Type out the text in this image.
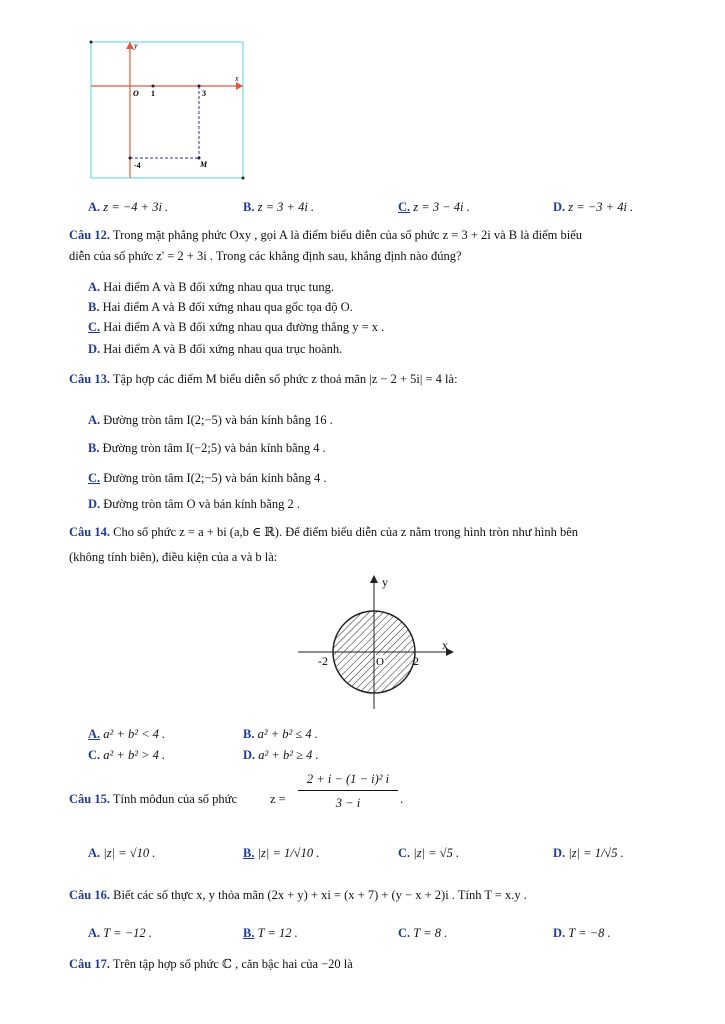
y
x
O 1	3
-4	M
A. z = −4 + 3i .	B. z = 3 + 4i .	C. z = 3 − 4i .	D. z = −3 + 4i .
Câu 12. Trong mặt phẳng phức Oxy , gọi A là điểm biểu diễn của số phức z = 3 + 2i và B là điểm biểu
diễn của số phức z' = 2 + 3i . Trong các khẳng định sau, khẳng định nào đúng?
A. Hai điểm A và B đối xứng nhau qua trục tung.
B. Hai điểm A và B đối xứng nhau qua gốc tọa độ O.
C. Hai điểm A và B đối xứng nhau qua đường thẳng y = x .
D. Hai điểm A và B đối xứng nhau qua trục hoành.
Câu 13. Tập hợp các điểm M biểu diễn số phức z thoả mãn |z − 2 + 5i| = 4 là:
A. Đường tròn tâm I(2;−5) và bán kính bằng 16 .
B. Đường tròn tâm I(−2;5) và bán kính bằng 4 .
C. Đường tròn tâm I(2;−5) và bán kính bằng 4 .
D. Đường tròn tâm O và bán kính bằng 2 .
Câu 14. Cho số phức z = a + bi (a,b ∈ ℝ). Để điểm biểu diễn của z nằm trong hình tròn như hình bên
(không tính biên), điều kiện của a và b là:
y
x
O
-2	2
A. a² + b² < 4 .	B. a² + b² ≤ 4 .
C. a² + b² > 4 .	D. a² + b² ≥ 4 .
Câu 15. Tính môđun của số phức	z =
2 + i − (1 − i)² i
3 − i	.
A. |z| = √10 .	B. |z| = 1/√10 .	C. |z| = √5 .	D. |z| = 1/√5 .
Câu 16. Biết các số thực x, y thỏa mãn (2x + y) + xi = (x + 7) + (y − x + 2)i . Tính T = x.y .
A. T = −12 .	B. T = 12 .	C. T = 8 .	D. T = −8 .
Câu 17. Trên tập hợp số phức ℂ , căn bậc hai của −20 là
